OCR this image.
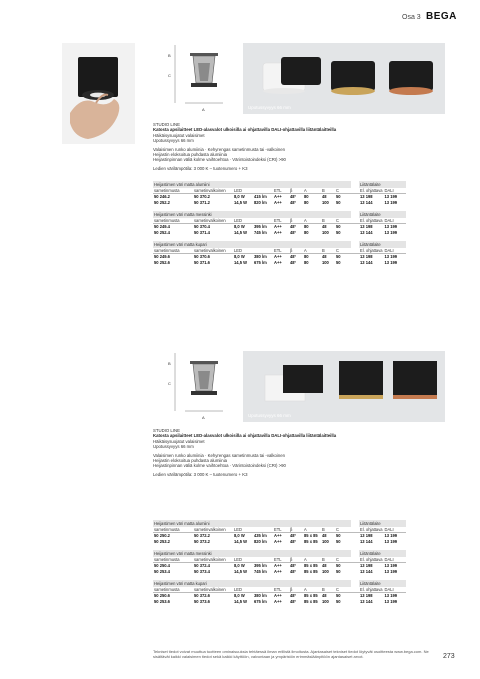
Osa 3 BEGA
B
C
A	Upotussyvyys 66 mm

STUDIO LINE

Katosta apsilaitteet LED-alasvalot ulkoisilla ai ohjattavilla DALI-ohjattavilla liitäntälaitteilla

Häikäisysuojatut valaisimet

Upotussyvyys 66 mm

Valaisimen runko alumiinia · Kehyrengas sametinmusta tai -valkoinen

Heijastin eloksoitua puhdasta alumiinia

Heijastinpinnan väliä kolme vaihtoehtoa · Värintoistoindeksi (CRI) >90

Ledien värilämpötila: 3 000 K – tuotenumero + K3

Heijastimen väri matta alumiini										Liitäntälaite	
sametinmusta	sametinvalkoinen	LED		ETL	β	A	B	C		El. ohjattava	DALI
50 246.2	50 370.2	8,0 W	415 lm	A++	48°	80	48	50		13 198	13 199
50 252.2	50 371.2	14,5 W	820 lm	A++	48°	80	100	50		13 144	13 199

Heijastimen väri matta messinki										Liitäntälaite	
sametinmusta	sametinvalkoinen	LED		ETL	β	A	B	C		El. ohjattava	DALI
50 249.4	50 370.4	8,0 W	395 lm	A++	48°	80	48	50		13 198	13 199
50 252.4	50 371.4	14,5 W	745 lm	A++	48°	80	100	50		13 144	13 199

Heijastimen väri matta kupari										Liitäntälaite	
sametinmusta	sametinvalkoinen	LED		ETL	β	A	B	C		El. ohjattava	DALI
50 249.6	50 370.6	8,0 W	380 lm	A++	48°	80	48	50		13 198	13 199
50 252.6	50 371.6	14,5 W	675 lm	A++	48°	80	100	50		13 144	13 199

B
C
A	Upotussyvyys 66 mm

STUDIO LINE

Katosta apsilaitteet LED-alasvalot ulkoisilla ai ohjattavilla DALI-ohjattavilla liitäntälaitteilla

Häikäisysuojatut valaisimet

Upotussyvyys 66 mm

Valaisimen runko alumiinia · Kehyrengas sametinmusta tai -valkoinen

Heijastin eloksoitua puhdasta alumiinia

Heijastinpinnan väliä kolme vaihtoehtoa · Värintoistoindeksi (CRI) >90

Ledien värilämpötila: 3 000 K – tuotenumero + K3

Heijastimen väri matta alumiini										Liitäntälaite	
sametinmusta	sametinvalkoinen	LED		ETL	β	A	B	C		El. ohjattava	DALI
50 250.2	50 372.2	8,0 W	435 lm	A++	48°	85 x 85	48	50		13 198	13 199
50 253.2	50 373.2	14,5 W	820 lm	A++	48°	85 x 85	100	50		13 144	13 199

Heijastimen väri matta messinki										Liitäntälaite	
sametinmusta	sametinvalkoinen	LED		ETL	β	A	B	C		El. ohjattava	DALI
50 250.4	50 372.4	8,0 W	395 lm	A++	48°	85 x 85	48	50		13 198	13 199
50 253.4	50 373.4	14,5 W	745 lm	A++	48°	85 x 85	100	50		13 144	13 199

Heijastimen väri matta kupari										Liitäntälaite	
sametinmusta	sametinvalkoinen	LED		ETL	β	A	B	C		El. ohjattava	DALI
50 250.6	50 372.6	8,0 W	380 lm	A++	48°	85 x 85	48	50		13 198	13 199
50 253.6	50 373.6	14,5 W	675 lm	A++	48°	85 x 85	100	50		13 144	13 199

Tekniset tiedot voivat muuttua tuotteen ominaisuuksia tehtäessä ilman erillistä ilmoitusta. Ajantasaiset tekniset tiedot löytyvät osoitteesta www.bega.com. Ne sisältävät kaikki valaisimen tiedot sekä kaikki käyttöön, valvontaan ja ympäristön erimmäsläänpitöön ajantasaiset arvot.	273
